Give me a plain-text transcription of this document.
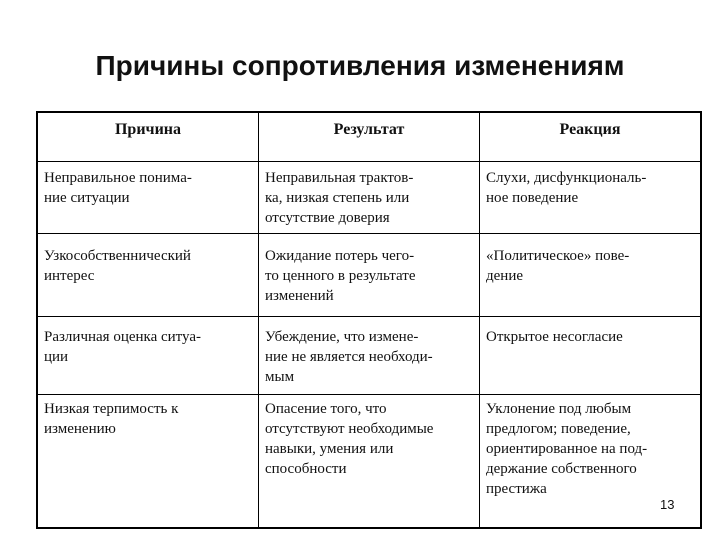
Причины сопротивления изменениям
Причина	Результат	Реакция
Неправильное понима-
ние ситуации
Неправильная трактов-
ка, низкая степень или
отсутствие доверия
Слухи, дисфункциональ-
ное поведение
Узкособственнический
интерес
Ожидание потерь чего-
то ценного в результате
изменений
«Политическое» пове-
дение
Различная оценка ситуа-
ции
Убеждение, что измене-
ние не является необходи-
мым
Открытое несогласие
Низкая терпимость к
изменению
Опасение того, что
отсутствуют необходимые
навыки, умения или
способности
Уклонение под любым
предлогом; поведение,
ориентированное на под-
держание собственного
престижа
13
